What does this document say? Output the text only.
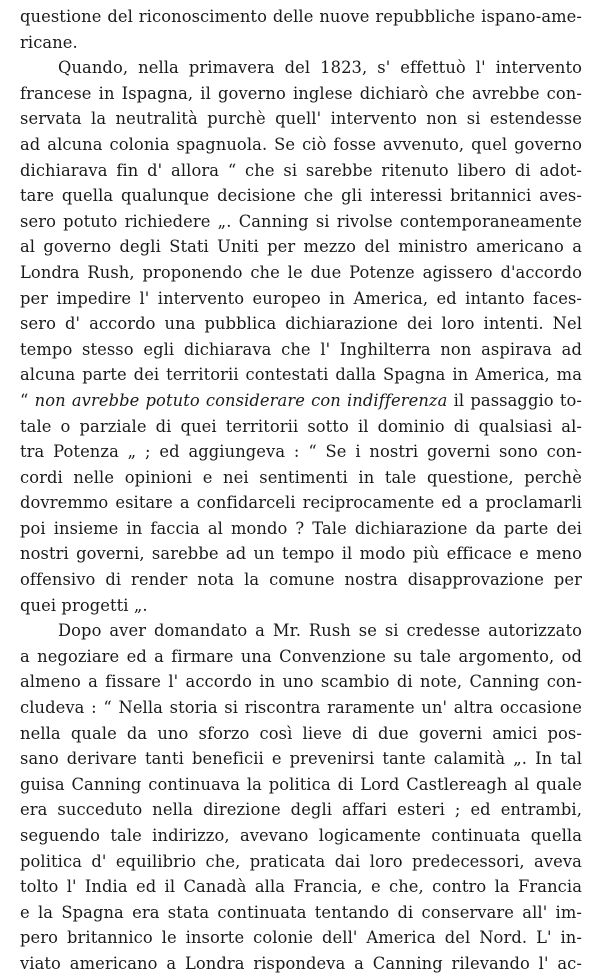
questione del riconoscimento delle nuove repubbliche ispano-ame-
ricane.
Quando, nella primavera del 1823, s' effettuò l' intervento
francese in Ispagna, il governo inglese dichiarò che avrebbe con-
servata la neutralità purchè quell' intervento non si estendesse
ad alcuna colonia spagnuola. Se ciò fosse avvenuto, quel governo
dichiarava fin d' allora “ che si sarebbe ritenuto libero di adot-
tare quella qualunque decisione che gli interessi britannici aves-
sero potuto richiedere „. Canning si rivolse contemporaneamente
al governo degli Stati Uniti per mezzo del ministro americano a
Londra Rush, proponendo che le due Potenze agissero d'accordo
per impedire l' intervento europeo in America, ed intanto faces-
sero d' accordo una pubblica dichiarazione dei loro intenti. Nel
tempo stesso egli dichiarava che l' Inghilterra non aspirava ad
alcuna parte dei territorii contestati dalla Spagna in America, ma
“ non avrebbe potuto considerare con indifferenza il passaggio to-
tale o parziale di quei territorii sotto il dominio di qualsiasi al-
tra Potenza „ ; ed aggiungeva : “ Se i nostri governi sono con-
cordi nelle opinioni e nei sentimenti in tale questione, perchè
dovremmo esitare a confidarceli reciprocamente ed a proclamarli
poi insieme in faccia al mondo ? Tale dichiarazione da parte dei
nostri governi, sarebbe ad un tempo il modo più efficace e meno
offensivo di render nota la comune nostra disapprovazione per
quei progetti „.
Dopo aver domandato a Mr. Rush se si credesse autorizzato
a negoziare ed a firmare una Convenzione su tale argomento, od
almeno a fissare l' accordo in uno scambio di note, Canning con-
cludeva : “ Nella storia si riscontra raramente un' altra occasione
nella quale da uno sforzo così lieve di due governi amici pos-
sano derivare tanti beneficii e prevenirsi tante calamità „. In tal
guisa Canning continuava la politica di Lord Castlereagh al quale
era succeduto nella direzione degli affari esteri ; ed entrambi,
seguendo tale indirizzo, avevano logicamente continuata quella
politica d' equilibrio che, praticata dai loro predecessori, aveva
tolto l' India ed il Canadà alla Francia, e che, contro la Francia
e la Spagna era stata continuata tentando di conservare all' im-
pero britannico le insorte colonie dell' America del Nord. L' in-
viato americano a Londra rispondeva a Canning rilevando l' ac-
